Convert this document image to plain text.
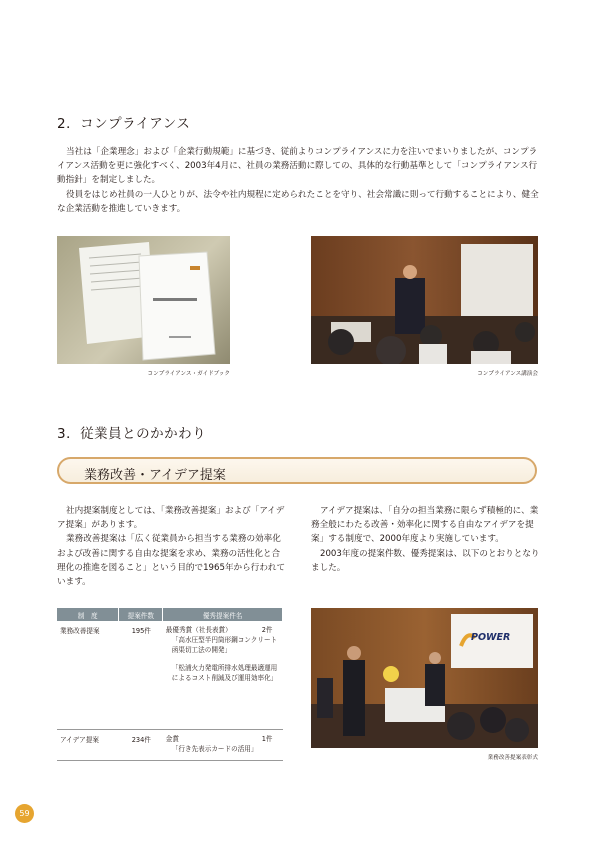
2．コンプライアンス

当社は「企業理念」および「企業行動規範」に基づき、従前よりコンプライアンスに力を注いでまいりましたが、コンプライアンス活動を更に強化すべく、2003年4月に、社員の業務活動に際しての、具体的な行動基準として「コンプライアンス行動指針」を制定しました。

役員をはじめ社員の一人ひとりが、法令や社内規程に定められたことを守り、社会常識に則って行動することにより、健全な企業活動を推進していきます。

コンプライアンス・ガイドブック	コンプライアンス講演会
3．従業員とのかかわり
業務改善・アイデア提案

社内提案制度としては、「業務改善提案」および「アイデア提案」があります。

業務改善提案は「広く従業員から担当する業務の効率化および改善に関する自由な提案を求め、業務の活性化と合理化の推進を図ること」という目的で1965年から行われています。

アイデア提案は、「自分の担当業務に限らず積極的に、業務全般にわたる改善・効率化に関する自由なアイデアを提案」する制度で、2000年度より実施しています。

2003年度の提案件数、優秀提案は、以下のとおりとなりました。

制　度	提案件数	優秀提案件名
業務改善提案	195件	最優秀賞（社長表賞） 2件
「高水圧型半円筒形鋼コンクリート函渠切工法の開発」
「松浦火力発電所排水処理最適運用によるコスト削減及び運用効率化」

アイデア提案	234件	金賞 1件
「行き先表示カードの活用」
POWER
業務改善提案表彰式
59
